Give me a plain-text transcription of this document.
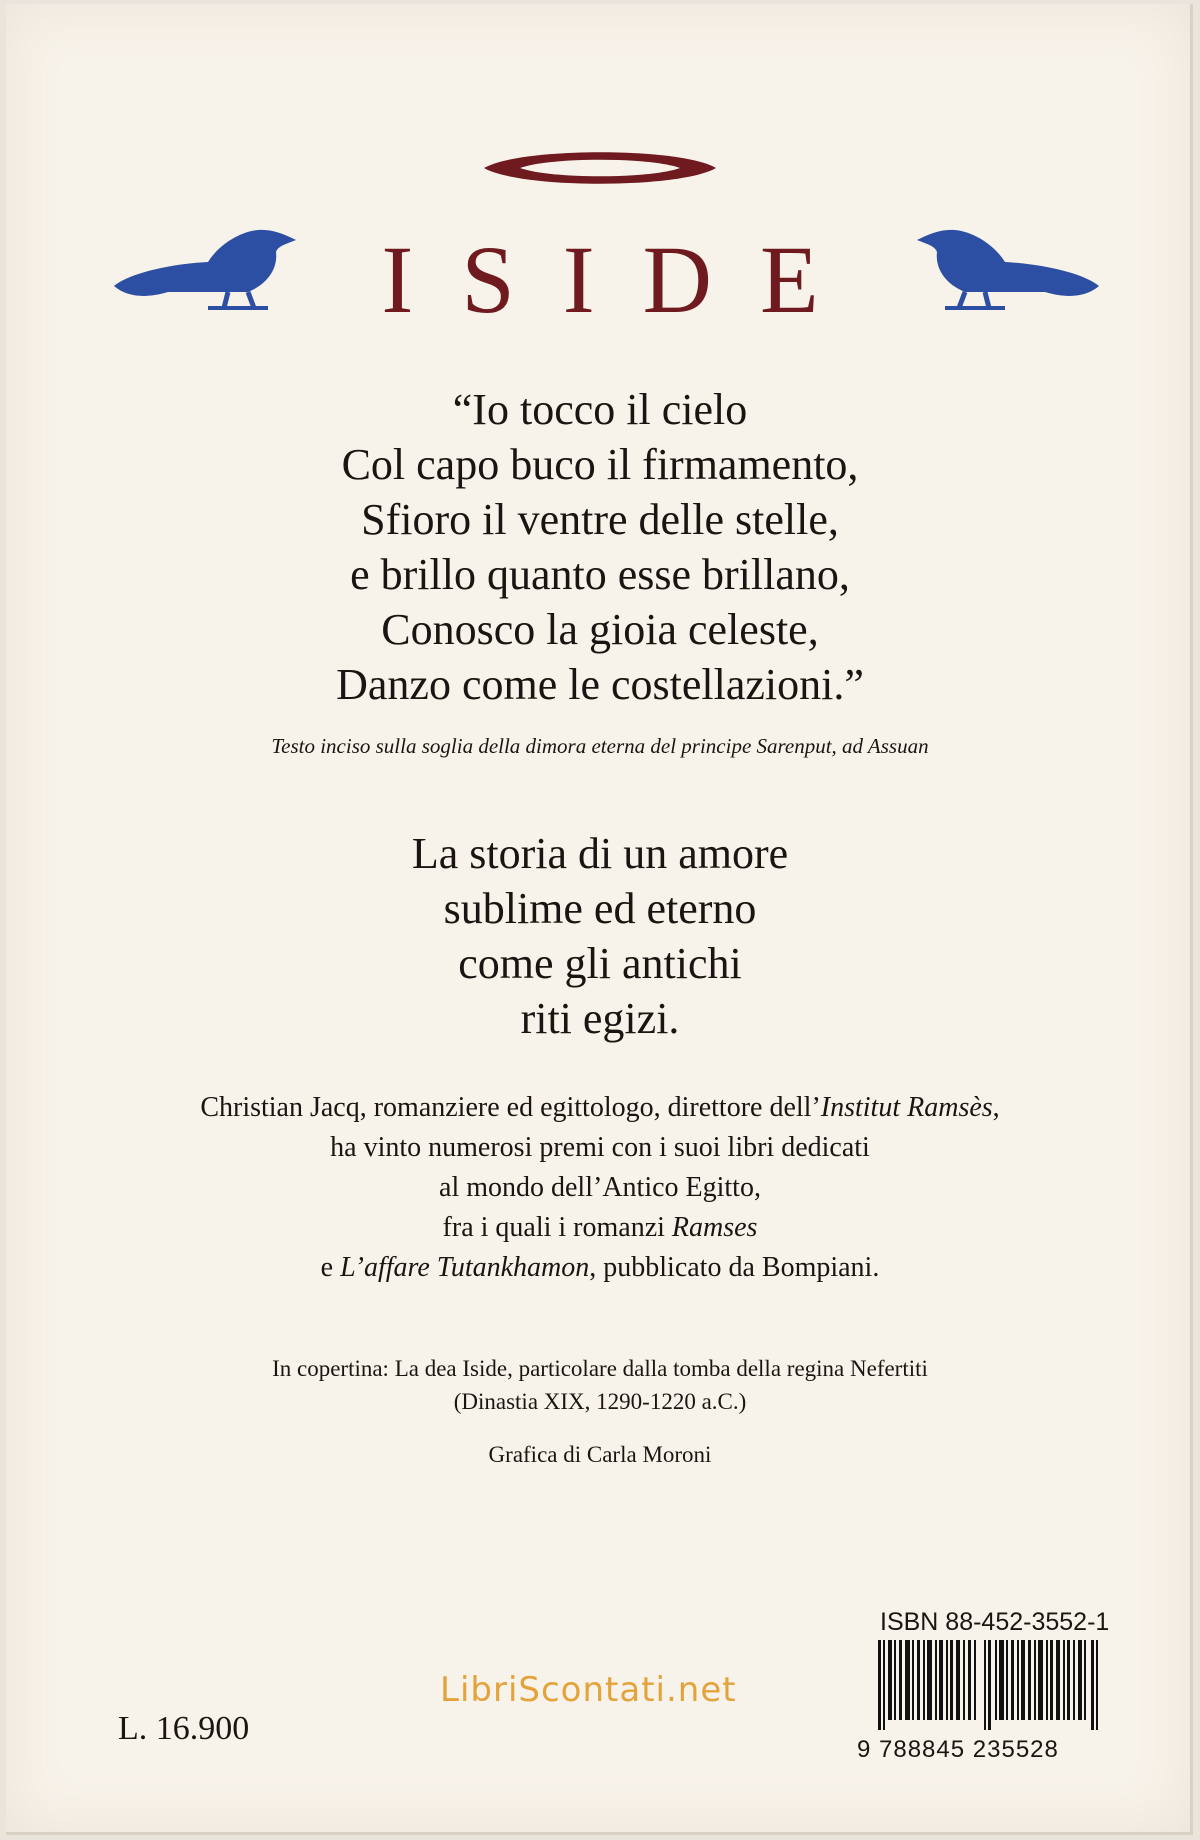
ISIDE
“Io tocco il cielo
Col capo buco il firmamento,
Sfioro il ventre delle stelle,
e brillo quanto esse brillano,
Conosco la gioia celeste,
Danzo come le costellazioni.”
Testo inciso sulla soglia della dimora eterna del principe Sarenput, ad Assuan
La storia di un amore
sublime ed eterno
come gli antichi
riti egizi.
Christian Jacq, romanziere ed egittologo, direttore dell’Institut Ramsès,
ha vinto numerosi premi con i suoi libri dedicati
al mondo dell’Antico Egitto,
fra i quali i romanzi Ramses
e L’affare Tutankhamon, pubblicato da Bompiani.
In copertina: La dea Iside, particolare dalla tomba della regina Nefertiti
(Dinastia XIX, 1290-1220 a.C.)
Grafica di Carla Moroni
LibriScontati.net
L. 16.900
ISBN 88-452-3552-1
9 788845 235528
